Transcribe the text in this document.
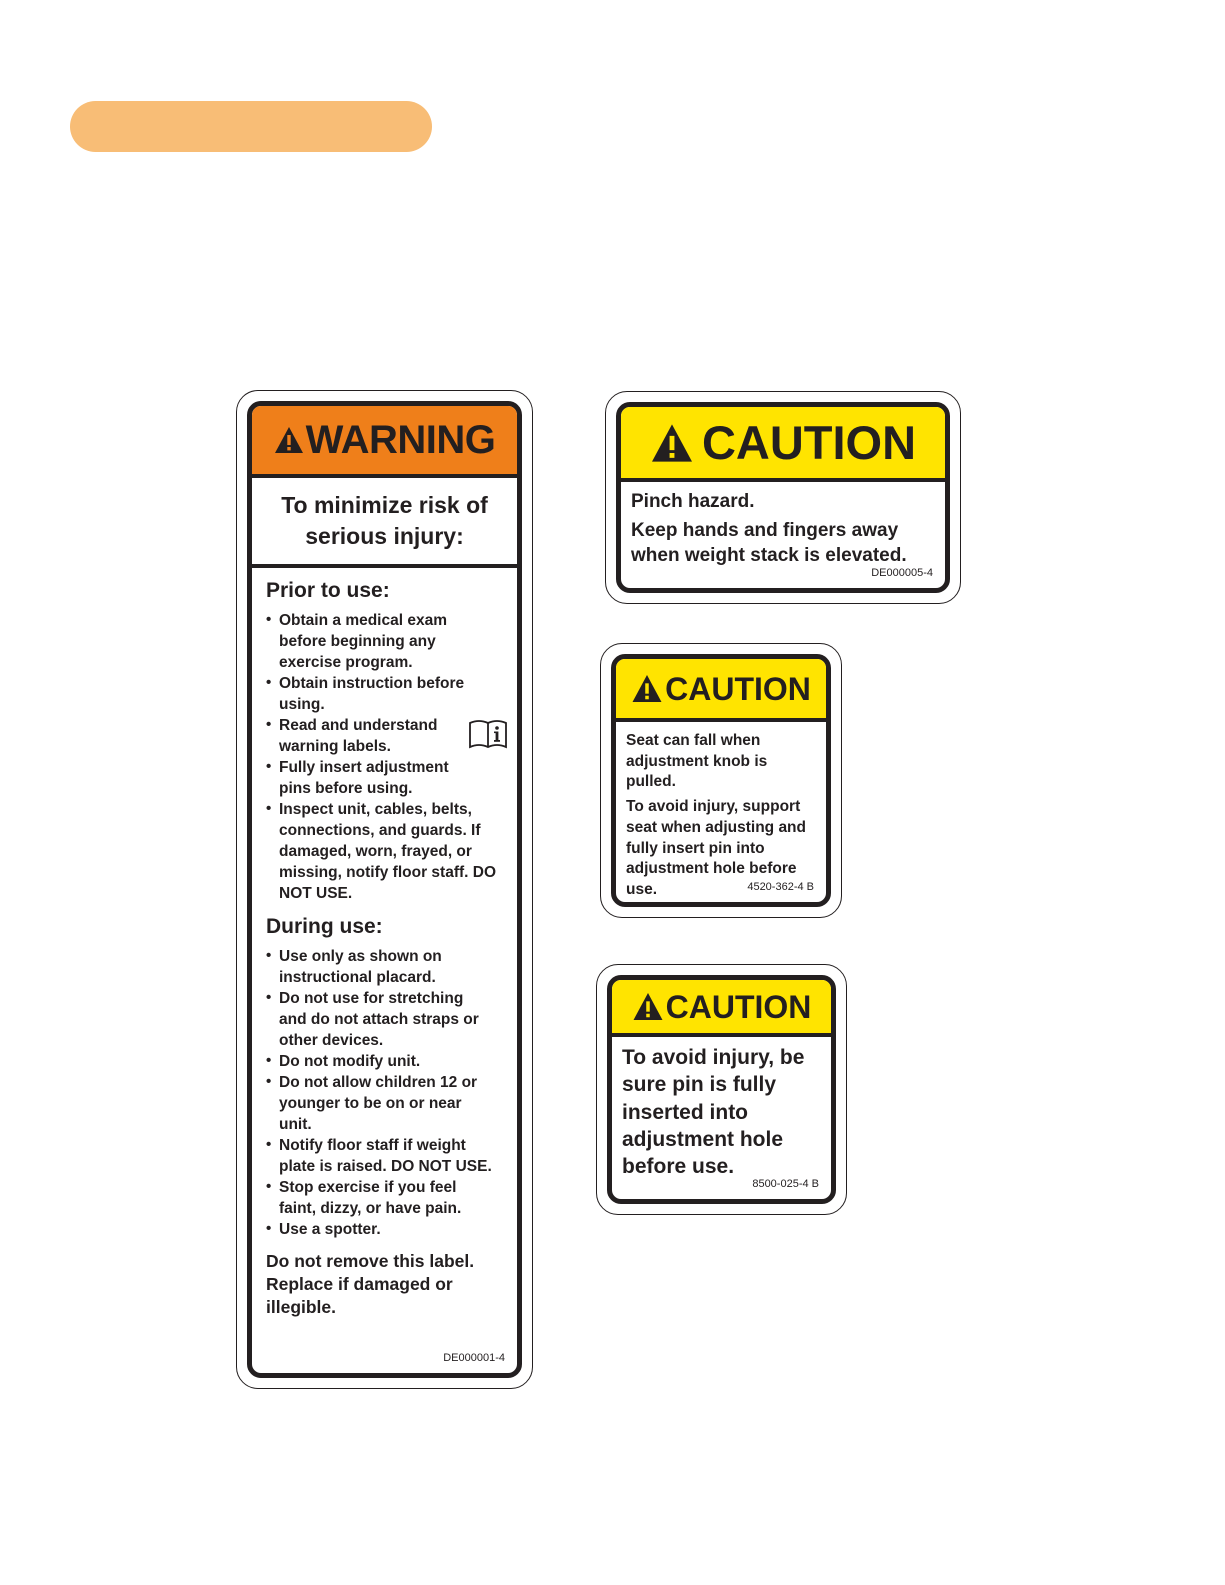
WARNING
To minimize risk of serious injury:
Prior to use:
• Obtain a medical exam before beginning any exercise program.
• Obtain instruction before using.
• Read and understand warning labels.
• Fully insert adjustment pins before using.
• Inspect unit, cables, belts, connections, and guards. If damaged, worn, frayed, or missing, notify floor staff. DO NOT USE.
During use:
• Use only as shown on instructional placard.
• Do not use for stretching and do not attach straps or other devices.
• Do not modify unit.
• Do not allow children 12 or younger to be on or near unit.
• Notify floor staff if weight plate is raised. DO NOT USE.
• Stop exercise if you feel faint, dizzy, or have pain.
• Use a spotter.
Do not remove this label. Replace if damaged or illegible.
DE000001-4
CAUTION

Pinch hazard.

Keep hands and fingers away when weight stack is elevated.

DE000005-4
CAUTION

Seat can fall when adjustment knob is pulled.

To avoid injury, support seat when adjusting and fully insert pin into adjustment hole before use.	4520-362-4 B
CAUTION

To avoid injury, be sure pin is fully inserted into adjustment hole before use.

8500-025-4 B
